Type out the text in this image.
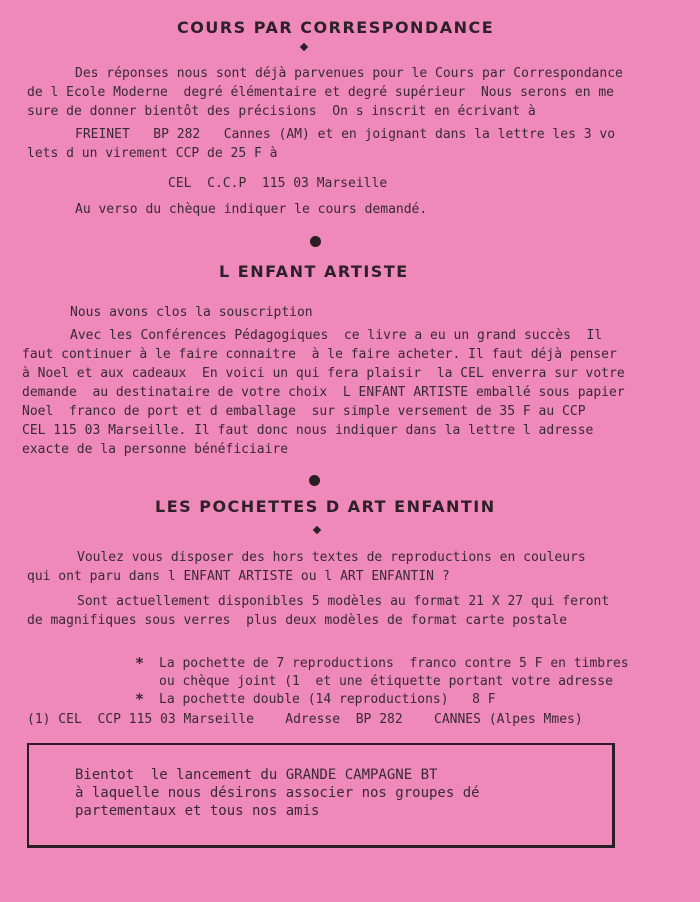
COURS PAR CORRESPONDANCE
Des réponses nous sont déjà parvenues pour le Cours par Correspondance
de l Ecole Moderne  degré élémentaire et degré supérieur  Nous serons en me
sure de donner bientôt des précisions  On s inscrit en écrivant à
FREINET   BP 282   Cannes (AM) et en joignant dans la lettre les 3 vo
lets d un virement CCP de 25 F à
CEL  C.C.P  115 03 Marseille
Au verso du chèque indiquer le cours demandé.
L ENFANT ARTISTE
Nous avons clos la souscription
Avec les Conférences Pédagogiques  ce livre a eu un grand succès  Il
faut continuer à le faire connaitre  à le faire acheter. Il faut déjà penser
à Noel et aux cadeaux  En voici un qui fera plaisir  la CEL enverra sur votre
demande  au destinataire de votre choix  L ENFANT ARTISTE emballé sous papier
Noel  franco de port et d emballage  sur simple versement de 35 F au CCP
CEL 115 03 Marseille. Il faut donc nous indiquer dans la lettre l adresse
exacte de la personne bénéficiaire
LES POCHETTES D ART ENFANTIN
Voulez vous disposer des hors textes de reproductions en couleurs
qui ont paru dans l ENFANT ARTISTE ou l ART ENFANTIN ?
Sont actuellement disponibles 5 modèles au format 21 X 27 qui feront
de magnifiques sous verres  plus deux modèles de format carte postale
* La pochette de 7 reproductions  franco contre 5 F en timbres
ou chèque joint (1  et une étiquette portant votre adresse
* La pochette double (14 reproductions)   8 F
(1) CEL  CCP 115 03 Marseille    Adresse  BP 282    CANNES (Alpes Mmes)
Bientot  le lancement du GRANDE CAMPAGNE BT
à laquelle nous désirons associer nos groupes dé
partementaux et tous nos amis
